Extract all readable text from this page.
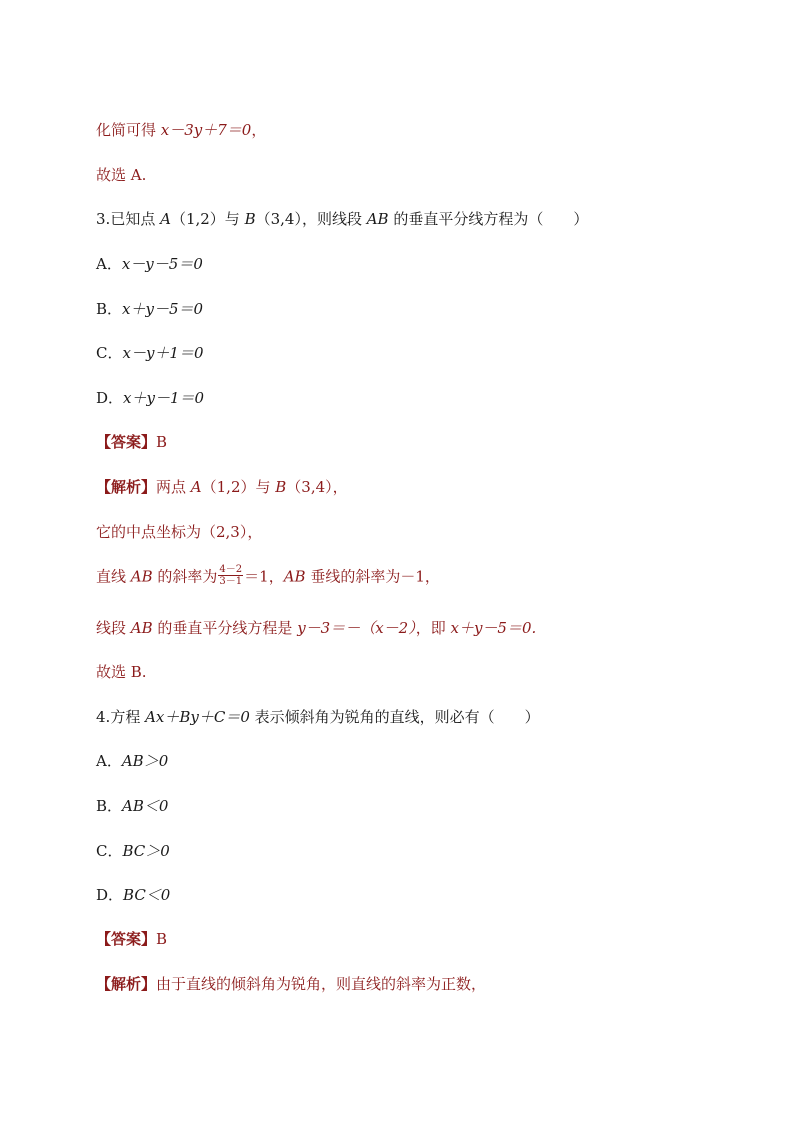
化简可得 x－3y＋7＝0，
故选 A.
3.已知点 A（1,2）与 B（3,4），则线段 AB 的垂直平分线方程为（　　）
A．x－y－5＝0
B．x＋y－5＝0
C．x－y＋1＝0
D．x＋y－1＝0
【答案】B
【解析】两点 A（1,2）与 B（3,4），
它的中点坐标为（2,3），
直线 AB 的斜率为 $\frac{4-2}{3-1} =1$，AB 垂线的斜率为－1，
线段 AB 的垂直平分线方程是 y－3＝－（x－2），即 x＋y－5＝0.
故选 B.
4.方程 Ax＋By＋C＝0 表示倾斜角为锐角的直线，则必有（　　）
A．AB＞0
B．AB＜0
C．BC＞0
D．BC＜0
【答案】B
【解析】由于直线的倾斜角为锐角，则直线的斜率为正数，
